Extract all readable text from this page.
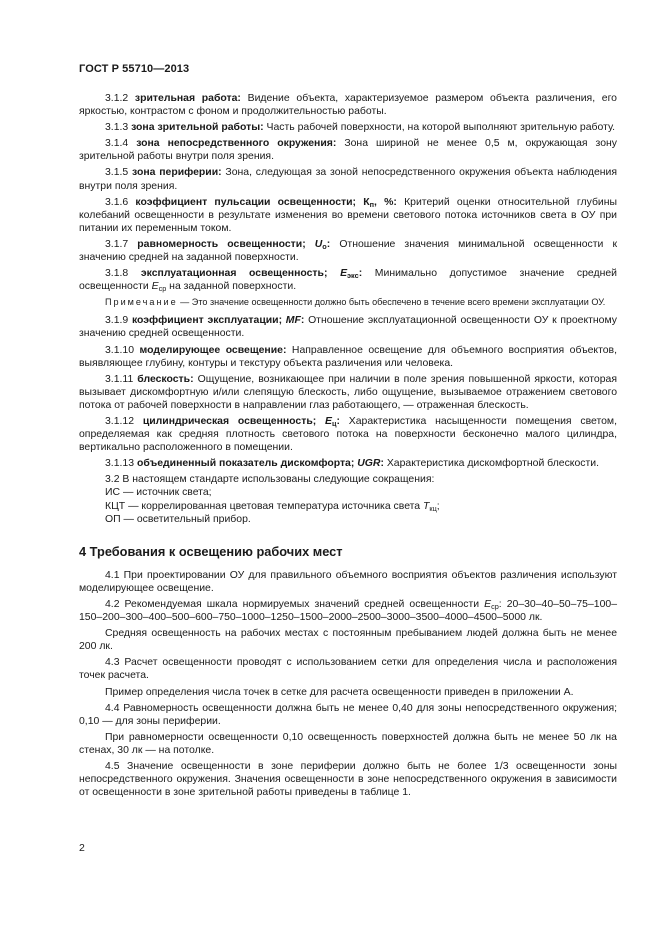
ГОСТ Р 55710—2013

3.1.2 зрительная работа: Видение объекта, характеризуемое размером объекта различения, его яркостью, контрастом с фоном и продолжительностью работы.

3.1.3 зона зрительной работы: Часть рабочей поверхности, на которой выполняют зрительную работу.

3.1.4 зона непосредственного окружения: Зона шириной не менее 0,5 м, окружающая зону зрительной работы внутри поля зрения.

3.1.5 зона периферии: Зона, следующая за зоной непосредственного окружения объекта наблюдения внутри поля зрения.

3.1.6 коэффициент пульсации освещенности; $К_п$, %: Критерий оценки относительной глубины колебаний освещенности в результате изменения во времени светового потока источников света в ОУ при питании их переменным током.

3.1.7 равномерность освещенности; $U_o$: Отношение значения минимальной освещенности к значению средней на заданной поверхности.

3.1.8 эксплуатационная освещенность; $E_{экс}$: Минимально допустимое значение средней освещенности $E_{ср}$ на заданной поверхности.

Примечание — Это значение освещенности должно быть обеспечено в течение всего времени эксплуатации ОУ.

3.1.9 коэффициент эксплуатации; MF: Отношение эксплуатационной освещенности ОУ к проектному значению средней освещенности.

3.1.10 моделирующее освещение: Направленное освещение для объемного восприятия объектов, выявляющее глубину, контуры и текстуру объекта различения или человека.

3.1.11 блескость: Ощущение, возникающее при наличии в поле зрения повышенной яркости, которая вызывает дискомфортную и/или слепящую блескость, либо ощущение, вызываемое отражением светового потока от рабочей поверхности в направлении глаз работающего, — отраженная блескость.

3.1.12 цилиндрическая освещенность; $E_ц$: Характеристика насыщенности помещения светом, определяемая как средняя плотность светового потока на поверхности бесконечно малого цилиндра, вертикально расположенного в помещении.

3.1.13 объединенный показатель дискомфорта; UGR: Характеристика дискомфортной блескости.

3.2 В настоящем стандарте использованы следующие сокращения:

ИС — источник света;

КЦТ — коррелированная цветовая температура источника света $T_{кц}$;

ОП — осветительный прибор.

4 Требования к освещению рабочих мест

4.1 При проектировании ОУ для правильного объемного восприятия объектов различения используют моделирующее освещение.

4.2 Рекомендуемая шкала нормируемых значений средней освещенности $E_{ср}$: 20–30–40–50–75–100–150–200–300–400–500–600–750–1000–1250–1500–2000–2500–3000–3500–4000–4500–5000 лк.

Средняя освещенность на рабочих местах с постоянным пребыванием людей должна быть не менее 200 лк.

4.3 Расчет освещенности проводят с использованием сетки для определения числа и расположения точек расчета.

Пример определения числа точек в сетке для расчета освещенности приведен в приложении А.

4.4 Равномерность освещенности должна быть не менее 0,40 для зоны непосредственного окружения; 0,10 — для зоны периферии.

При равномерности освещенности 0,10 освещенность поверхностей должна быть не менее 50 лк на стенах, 30 лк — на потолке.

4.5 Значение освещенности в зоне периферии должно быть не более 1/3 освещенности зоны непосредственного окружения. Значения освещенности в зоне непосредственного окружения в зависимости от освещенности в зоне зрительной работы приведены в таблице 1.

2
